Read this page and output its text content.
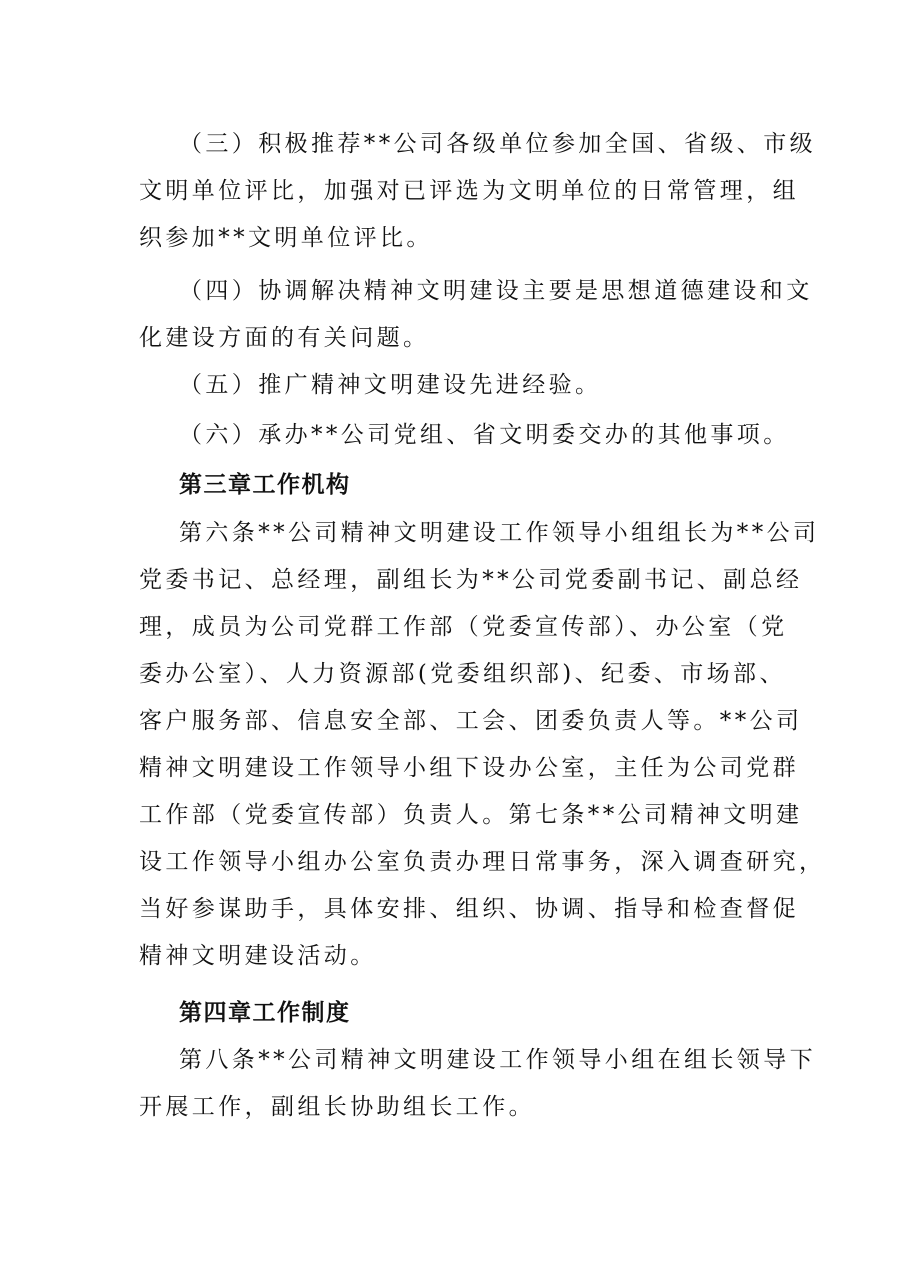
（三）积极推荐**公司各级单位参加全国、省级、市级
文明单位评比，加强对已评选为文明单位的日常管理，组
织参加**文明单位评比。
（四）协调解决精神文明建设主要是思想道德建设和文
化建设方面的有关问题。
（五）推广精神文明建设先进经验。
（六）承办**公司党组、省文明委交办的其他事项。
第三章工作机构
第六条**公司精神文明建设工作领导小组组长为**公司
党委书记、总经理，副组长为**公司党委副书记、副总经
理，成员为公司党群工作部（党委宣传部）、办公室（党
委办公室）、人力资源部(党委组织部)、纪委、市场部、
客户服务部、信息安全部、工会、团委负责人等。**公司
精神文明建设工作领导小组下设办公室，主任为公司党群
工作部（党委宣传部）负责人。第七条**公司精神文明建
设工作领导小组办公室负责办理日常事务，深入调查研究，
当好参谋助手，具体安排、组织、协调、指导和检查督促
精神文明建设活动。
第四章工作制度
第八条**公司精神文明建设工作领导小组在组长领导下
开展工作，副组长协助组长工作。
